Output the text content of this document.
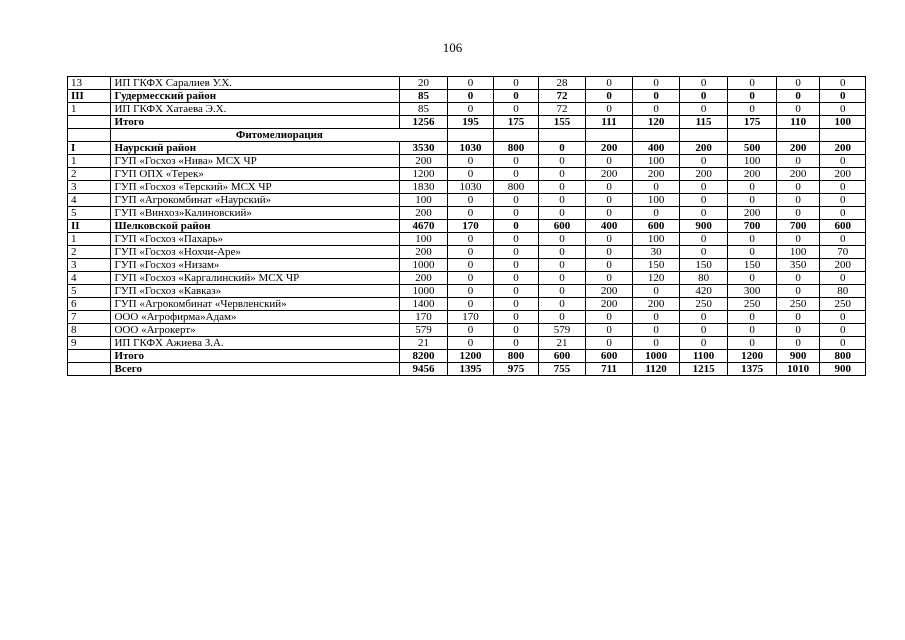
106
13	ИП ГКФХ Саралиев У.Х.	20	0	0	28	0	0	0	0	0	0
III	Гудермесский район	85	0	0	72	0	0	0	0	0	0
1	ИП ГКФХ Хатаева Э.Х.	85	0	0	72	0	0	0	0	0	0
	Итого	1256	195	175	155	111	120	115	175	110	100
	Фитомелиорация										
I	Наурский район	3530	1030	800	0	200	400	200	500	200	200
1	ГУП «Госхоз «Нива» МСХ ЧР	200	0	0	0	0	100	0	100	0	0
2	ГУП ОПХ «Терек»	1200	0	0	0	200	200	200	200	200	200
3	ГУП «Госхоз «Терский» МСХ ЧР	1830	1030	800	0	0	0	0	0	0	0
4	ГУП «Агрокомбинат «Наурский»	100	0	0	0	0	100	0	0	0	0
5	ГУП «Винхоз»Калиновский»	200	0	0	0	0	0	0	200	0	0
II	Шелковской район	4670	170	0	600	400	600	900	700	700	600
1	ГУП «Госхоз «Пахарь»	100	0	0	0	0	100	0	0	0	0
2	ГУП «Госхоз «Нохчи-Аре»	200	0	0	0	0	30	0	0	100	70
3	ГУП «Госхоз «Низам»	1000	0	0	0	0	150	150	150	350	200
4	ГУП «Госхоз «Каргалинский» МСХ ЧР	200	0	0	0	0	120	80	0	0	0
5	ГУП «Госхоз «Кавказ»	1000	0	0	0	200	0	420	300	0	80
6	ГУП «Агрокомбинат «Червленский»	1400	0	0	0	200	200	250	250	250	250
7	ООО «Агрофирма»Адам»	170	170	0	0	0	0	0	0	0	0
8	ООО «Агрокерт»	579	0	0	579	0	0	0	0	0	0
9	ИП ГКФХ Ажиева З.А.	21	0	0	21	0	0	0	0	0	0
	Итого	8200	1200	800	600	600	1000	1100	1200	900	800
	Всего	9456	1395	975	755	711	1120	1215	1375	1010	900
